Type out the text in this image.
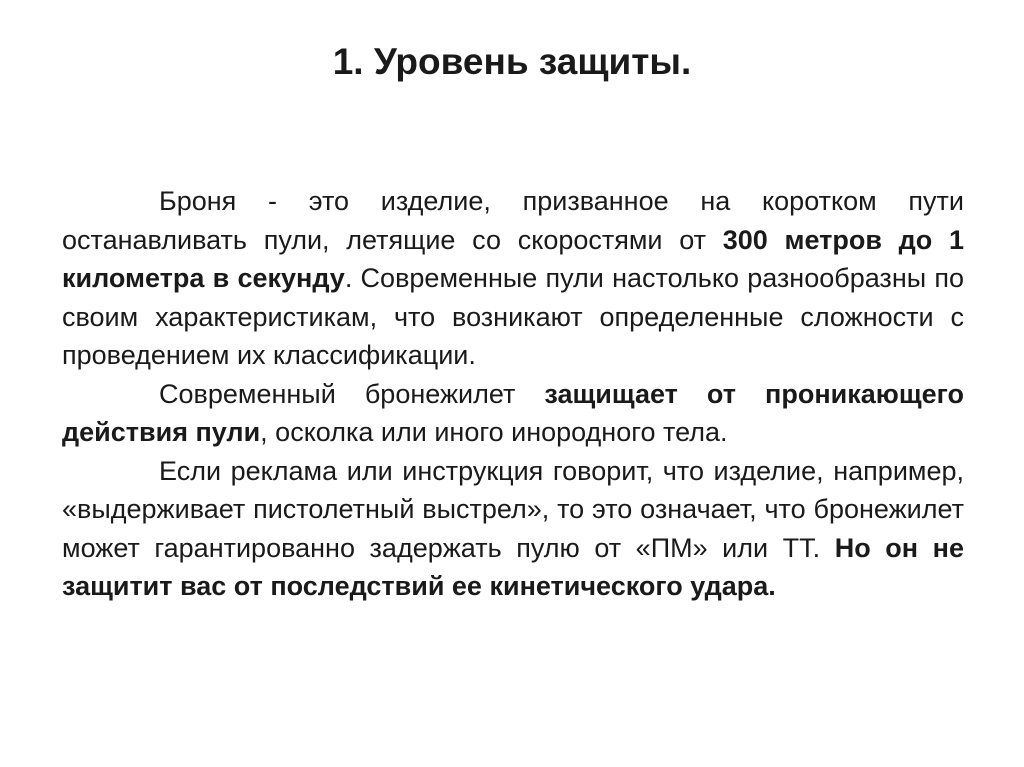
1. Уровень защиты.

Броня - это изделие, призванное на коротком пути останавливать пули, летящие со скоростями от 300 метров до 1 километра в секунду. Современные пули настолько разнообразны по своим характеристикам, что возникают определенные сложности с проведением их классификации.

Современный бронежилет защищает от проникающего действия пули, осколка или иного инородного тела.

Если реклама или инструкция говорит, что изделие, например, «выдерживает пистолетный выстрел», то это означает, что бронежилет может гарантированно задержать пулю от «ПМ» или ТТ. Но он не защитит вас от последствий ее кинетического удара.
